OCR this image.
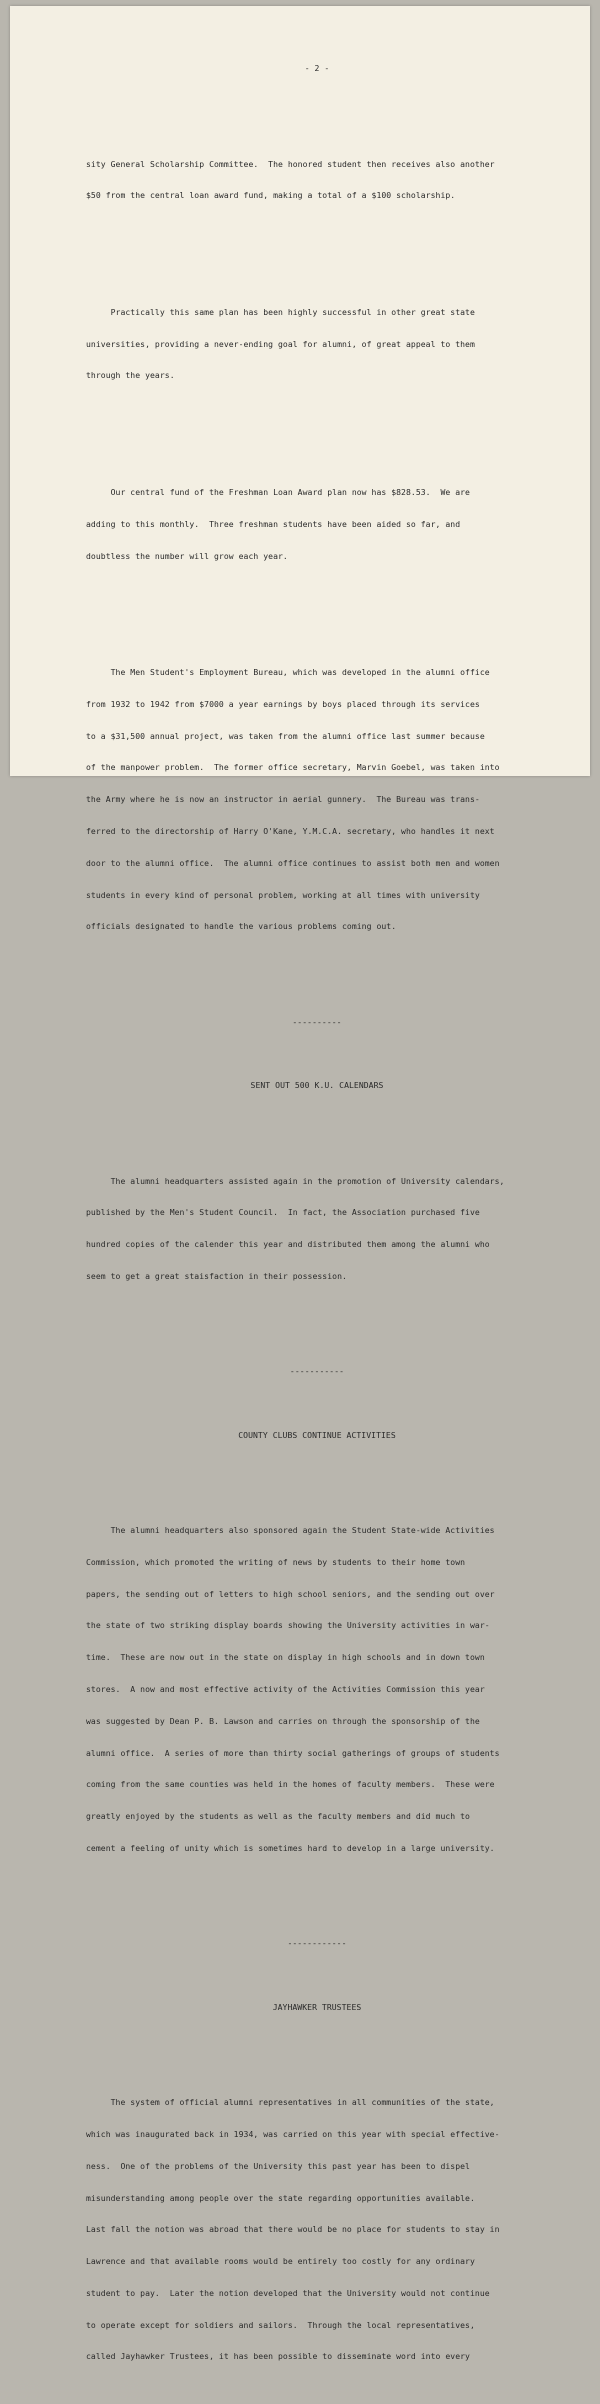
- 2 -

sity General Scholarship Committee.  The honored student then receives also another

$50 from the central loan award fund, making a total of a $100 scholarship.

Practically this same plan has been highly successful in other great state

universities, providing a never-ending goal for alumni, of great appeal to them

through the years.

Our central fund of the Freshman Loan Award plan now has $828.53.  We are

adding to this monthly.  Three freshman students have been aided so far, and

doubtless the number will grow each year.

The Men Student's Employment Bureau, which was developed in the alumni office

from 1932 to 1942 from $7000 a year earnings by boys placed through its services

to a $31,500 annual project, was taken from the alumni office last summer because

of the manpower problem.  The former office secretary, Marvin Goebel, was taken into

the Army where he is now an instructor in aerial gunnery.  The Bureau was trans-

ferred to the directorship of Harry O'Kane, Y.M.C.A. secretary, who handles it next

door to the alumni office.  The alumni office continues to assist both men and women

students in every kind of personal problem, working at all times with university

officials designated to handle the various problems coming out.

----------

SENT OUT 500 K.U. CALENDARS

The alumni headquarters assisted again in the promotion of University calendars,

published by the Men's Student Council.  In fact, the Association purchased five

hundred copies of the calender this year and distributed them among the alumni who

seem to get a great staisfaction in their possession.

-----------

COUNTY CLUBS CONTINUE ACTIVITIES

The alumni headquarters also sponsored again the Student State-wide Activities

Commission, which promoted the writing of news by students to their home town

papers, the sending out of letters to high school seniors, and the sending out over

the state of two striking display boards showing the University activities in war-

time.  These are now out in the state on display in high schools and in down town

stores.  A now and most effective activity of the Activities Commission this year

was suggested by Dean P. B. Lawson and carries on through the sponsorship of the

alumni office.  A series of more than thirty social gatherings of groups of students

coming from the same counties was held in the homes of faculty members.  These were

greatly enjoyed by the students as well as the faculty members and did much to

cement a feeling of unity which is sometimes hard to develop in a large university.

------------

JAYHAWKER TRUSTEES

The system of official alumni representatives in all communities of the state,

which was inaugurated back in 1934, was carried on this year with special effective-

ness.  One of the problems of the University this past year has been to dispel

misunderstanding among people over the state regarding opportunities available.

Last fall the notion was abroad that there would be no place for students to stay in

Lawrence and that available rooms would be entirely too costly for any ordinary

student to pay.  Later the notion developed that the University would not continue

to operate except for soldiers and sailors.  Through the local representatives,

called Jayhawker Trustees, it has been possible to disseminate word into every
